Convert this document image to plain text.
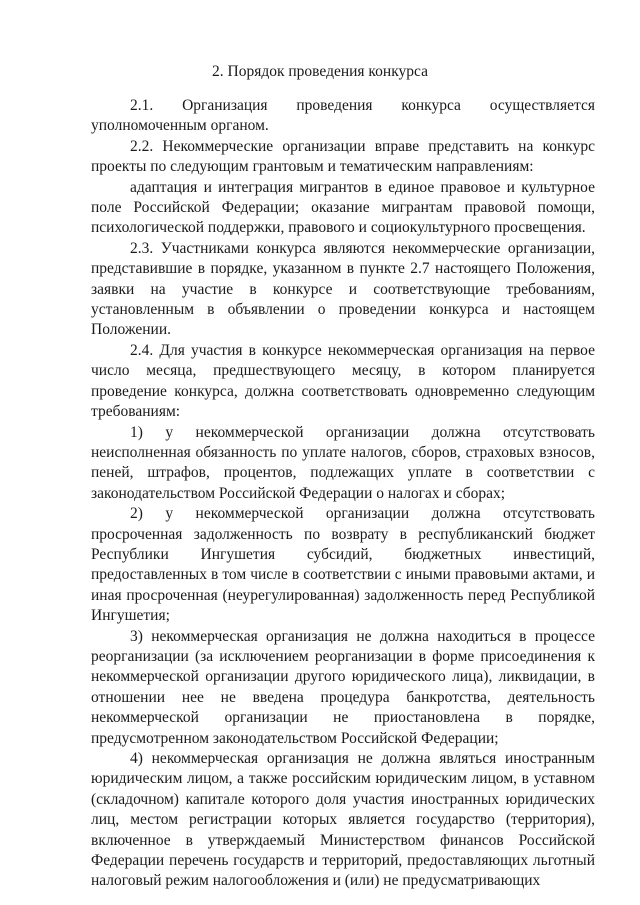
2. Порядок проведения конкурса

2.1. Организация проведения конкурса осуществляется уполномоченным органом.

2.2. Некоммерческие организации вправе представить на конкурс проекты по следующим грантовым и тематическим направлениям:

адаптация и интеграция мигрантов в единое правовое и культурное поле Российской Федерации; оказание мигрантам правовой помощи, психологической поддержки, правового и социокультурного просвещения.

2.3. Участниками конкурса являются некоммерческие организации, представившие в порядке, указанном в пункте 2.7 настоящего Положения, заявки на участие в конкурсе и соответствующие требованиям, установленным в объявлении о проведении конкурса и настоящем Положении.

2.4. Для участия в конкурсе некоммерческая организация на первое число месяца, предшествующего месяцу, в котором планируется проведение конкурса, должна соответствовать одновременно следующим требованиям:

1) у некоммерческой организации должна отсутствовать неисполненная обязанность по уплате налогов, сборов, страховых взносов, пеней, штрафов, процентов, подлежащих уплате в соответствии с законодательством Российской Федерации о налогах и сборах;

2) у некоммерческой организации должна отсутствовать просроченная задолженность по возврату в республиканский бюджет Республики Ингушетия субсидий, бюджетных инвестиций, предоставленных в том числе в соответствии с иными правовыми актами, и иная просроченная (неурегулированная) задолженность перед Республикой Ингушетия;

3) некоммерческая организация не должна находиться в процессе реорганизации (за исключением реорганизации в форме присоединения к некоммерческой организации другого юридического лица), ликвидации, в отношении нее не введена процедура банкротства, деятельность некоммерческой организации не приостановлена в порядке, предусмотренном законодательством Российской Федерации;

4) некоммерческая организация не должна являться иностранным юридическим лицом, а также российским юридическим лицом, в уставном (складочном) капитале которого доля участия иностранных юридических лиц, местом регистрации которых является государство (территория), включенное в утверждаемый Министерством финансов Российской Федерации перечень государств и территорий, предоставляющих льготный налоговый режим налогообложения и (или) не предусматривающих
